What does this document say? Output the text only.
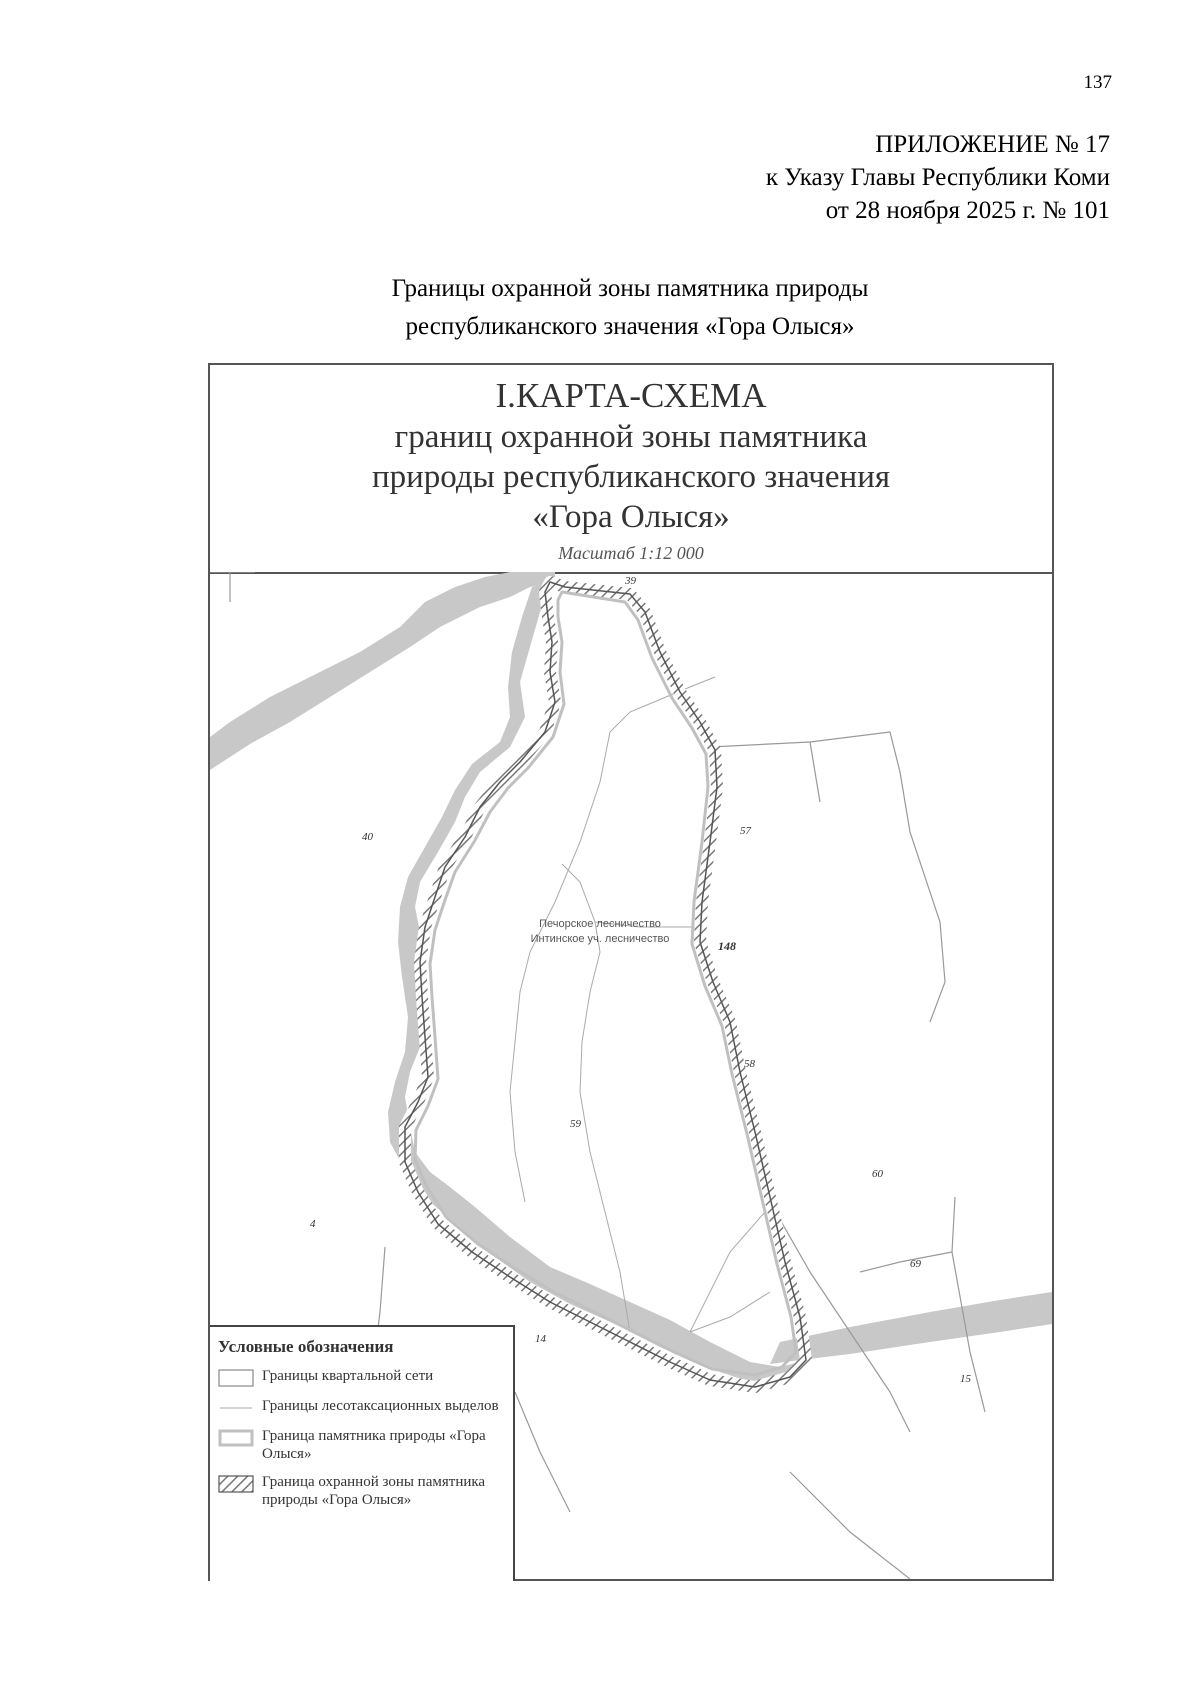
137
ПРИЛОЖЕНИЕ № 17
к Указу Главы Республики Коми
от 28 ноября 2025 г. № 101
Границы охранной зоны памятника природы
республиканского значения «Гора Олыся»
I.КАРТА-СХЕМА
границ охранной зоны памятника
природы республиканского значения
«Гора Олыся»
Масштаб 1:12 000
39
40	57
58
59
60
69
4
14
15
148
Печорское лесничество
Интинское уч. лесничество
Условные обозначения
Границы квартальной сети
Границы лесотаксационных выделов
Граница памятника природы «Гора Олыся»
Граница охранной зоны памятника природы «Гора Олыся»
